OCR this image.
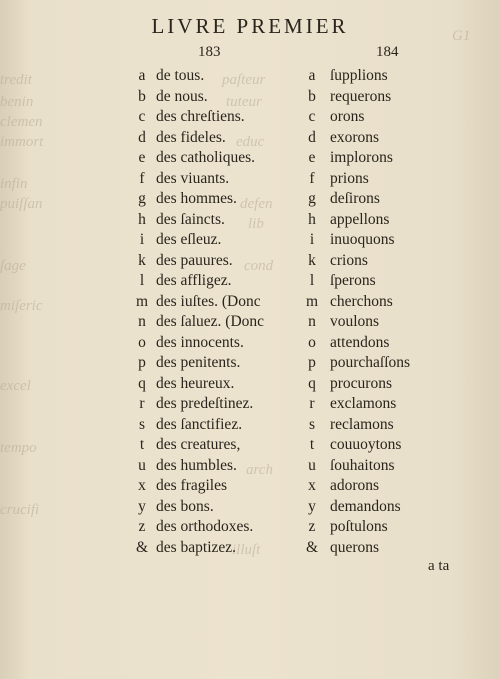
tredit
benin
clemen
immort
infin
puiſſan
ſage
miſeric
excel
tempo
crucifi
paſteur
tuteur
educ
defen
lib
cond
arch
illuſt
G1
LIVRE PREMIER
183	184
a de tous.	a ſupplions
b de nous.	b requerons
c des chreſtiens.	c orons
d des fideles.	d exorons
e des catholiques.	e implorons
f des viuants.	f prions
g des hommes.	g deſirons
h des ſaincts.	h appellons
i des eſleuz.	i	inuoquons
k des pauures.	k crions
l des affligez.	l	ſperons
m des iuſtes. (Donc	m cherchons
n des ſaluez. (Donc	n voulons
o des innocents.	o attendons
p des penitents.	p pourchaſſons
q des heureux.	q procurons
r des predeſtinez.	r exclamons
s des ſanctifiez.	s reclamons
t des creatures,	t	couuoytons
u des humbles.	u ſouhaitons
x des fragiles	x adorons
y des bons.	y demandons
z des orthodoxes.	z poſtulons
& des baptizez.	& querons
a ta
